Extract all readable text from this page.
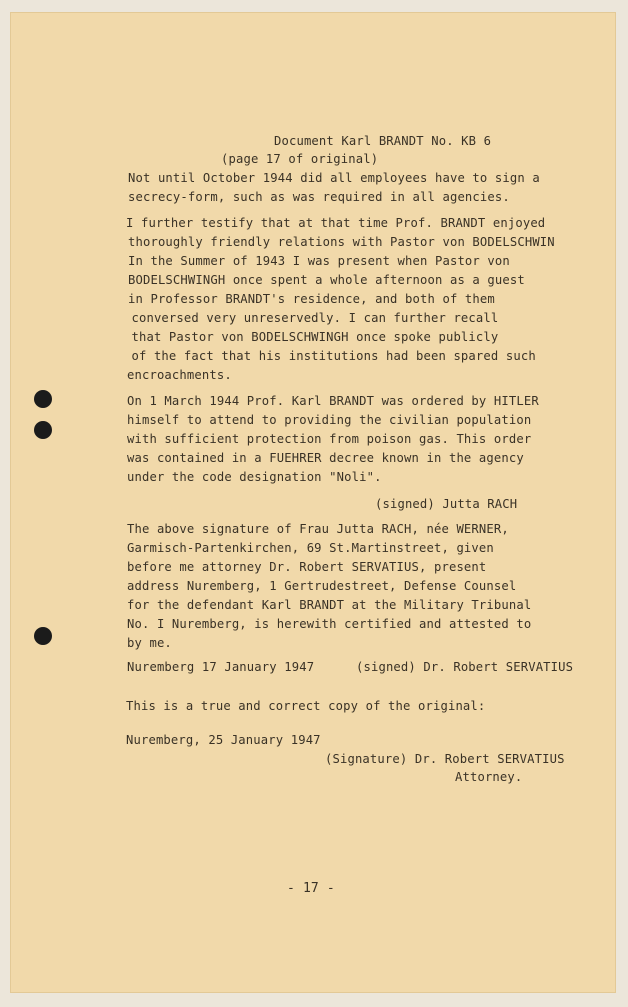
Document Karl BRANDT No. KB 6
(page 17 of original)
Not until October 1944 did all employees have to sign a
secrecy-form, such as was required in all agencies.
I further testify that at that time Prof. BRANDT enjoyed
thoroughly friendly relations with Pastor von BODELSCHWIN
In the Summer of 1943 I was present when Pastor von
BODELSCHWINGH once spent a whole afternoon as a guest
in Professor BRANDT's residence, and both of them
conversed very unreservedly. I can further recall
that Pastor von BODELSCHWINGH once spoke publicly
of the fact that his institutions had been spared such
encroachments.
On 1 March 1944 Prof. Karl BRANDT was ordered by HITLER
himself to attend to providing the civilian population
with sufficient protection from poison gas. This order
was contained in a FUEHRER decree known in the agency
under the code designation "Noli".
(signed) Jutta RACH
The above signature of Frau Jutta RACH, née WERNER,
Garmisch-Partenkirchen, 69 St.Martinstreet, given
before me attorney Dr. Robert SERVATIUS, present
address Nuremberg, 1 Gertrudestreet, Defense Counsel
for the defendant Karl BRANDT at the Military Tribunal
No. I Nuremberg, is herewith certified and attested to
by me.
Nuremberg 17 January 1947	(signed) Dr. Robert SERVATIUS
This is a true and correct copy of the original:
Nuremberg, 25 January 1947
(Signature) Dr. Robert SERVATIUS
Attorney.
- 17 -
